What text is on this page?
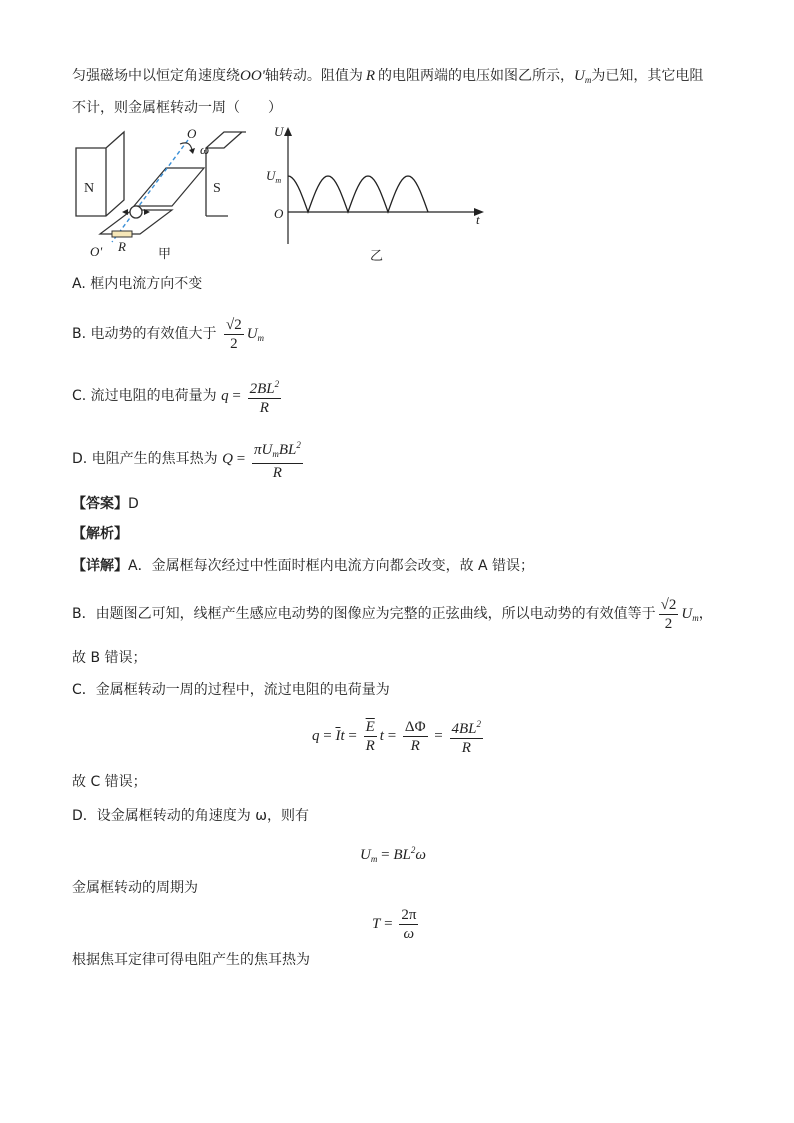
匀强磁场中以恒定角速度绕OO'轴转动。阻值为 R 的电阻两端的电压如图乙所示，$U_m$为已知，其它电阻
不计，则金属框转动一周（　　）
N	S
O
ω
O' R
甲
U
$U_m$
O	t
乙
A. 框内电流方向不变
B. 电动势的有效值大于 $\frac{√2}{2} U_m$
C. 流过电阻的电荷量为 $q = \frac{2BL^2}{R}$
D. 电阻产生的焦耳热为 $Q = \frac{\pi U_mBL^2}{R}$
【答案】D
【解析】
【详解】A．金属框每次经过中性面时框内电流方向都会改变，故 A 错误；
B．由题图乙可知，线框产生感应电动势的图像应为完整的正弦曲线，所以电动势的有效值等于 $\frac{√2}{2} U_m$，
故 B 错误；
C．金属框转动一周的过程中，流过电阻的电荷量为
$q = \overline{I}t = \frac{\overline{E}}{R}$ $t = \frac{\Delta\Phi}{R} = \frac{4BL^2}{R}$
故 C 错误；
D．设金属框转动的角速度为 ω，则有
$U_m = BL^2\omega$
金属框转动的周期为
$T = \frac{2\pi}{\omega}$
根据焦耳定律可得电阻产生的焦耳热为
